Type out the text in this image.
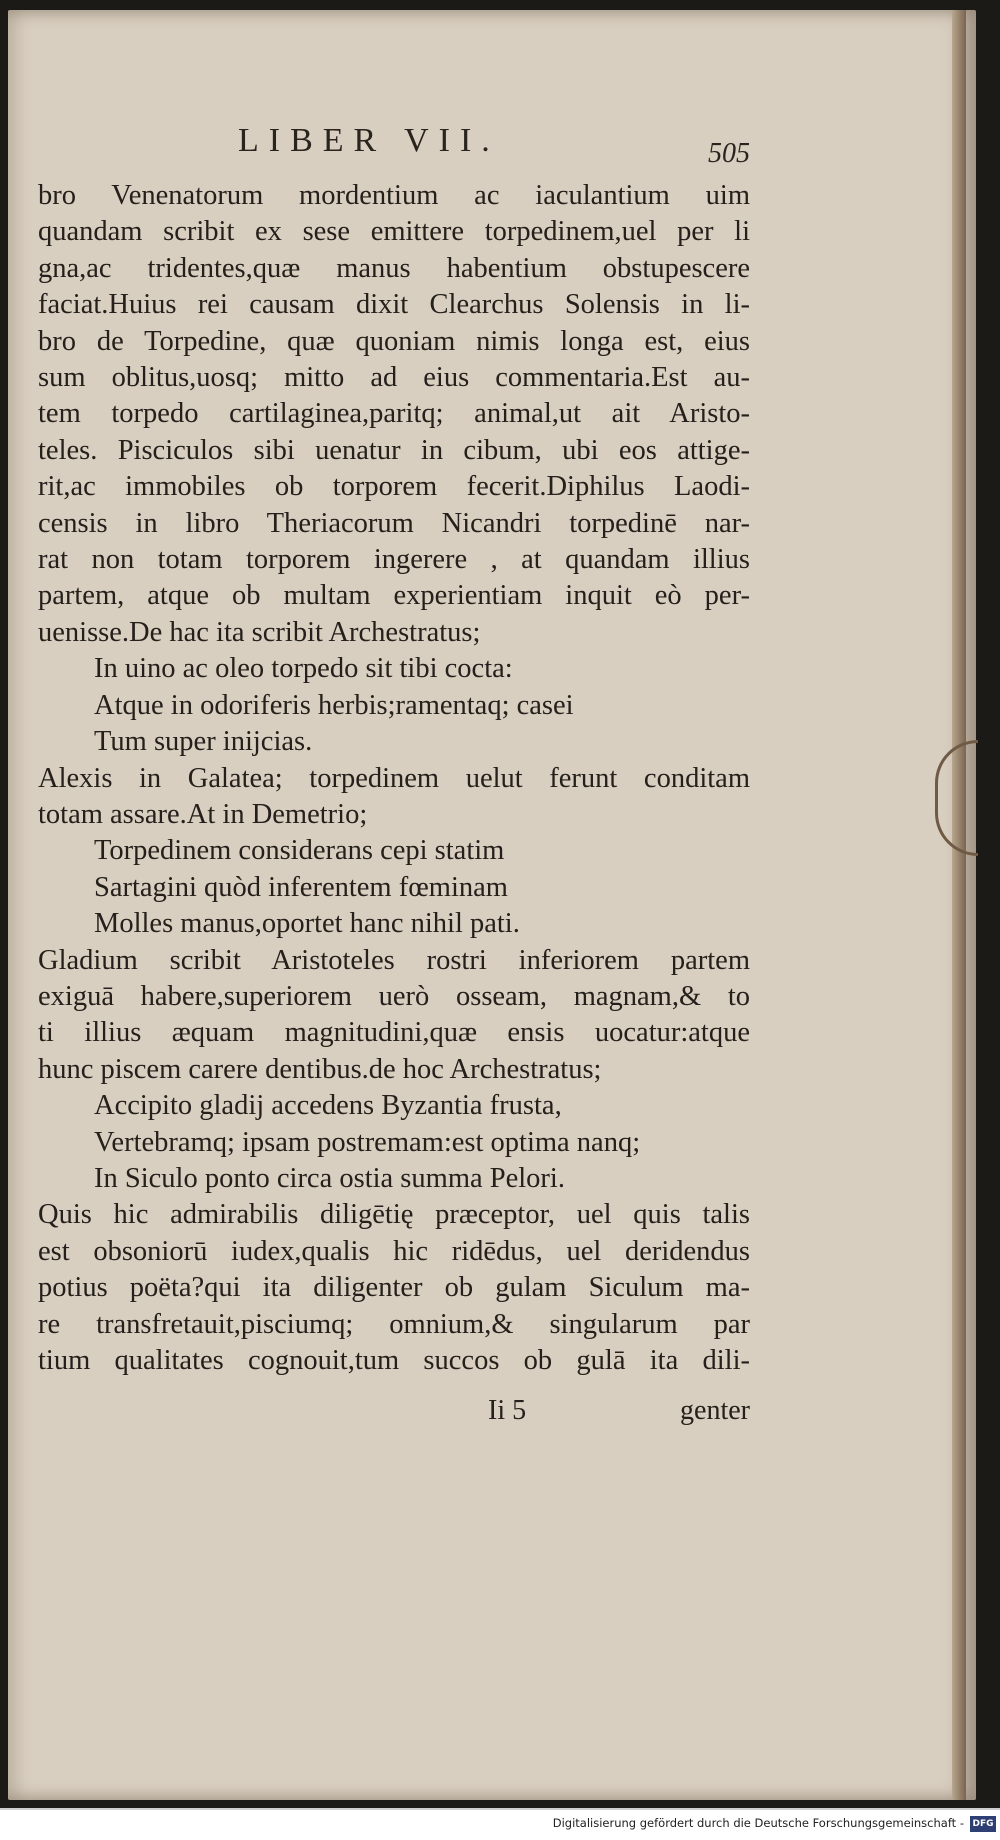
LIBER VII.	505
bro Venenatorum mordentium ac iaculantium uim
quandam scribit ex sese emittere torpedinem,uel per li
gna,ac tridentes,quæ manus habentium obstupescere
faciat.Huius rei causam dixit Clearchus Solensis in li-
bro de Torpedine, quæ quoniam nimis longa est, eius
sum oblitus,uosq; mitto ad eius commentaria.Est au-
tem torpedo cartilaginea,paritq; animal,ut ait Aristo-
teles. Pisciculos sibi uenatur in cibum, ubi eos attige-
rit,ac immobiles ob torporem fecerit.Diphilus Laodi-
censis in libro Theriacorum Nicandri torpedinē nar-
rat non totam torporem ingerere , at quandam illius
partem, atque ob multam experientiam inquit eò per-
uenisse.De hac ita scribit Archestratus;
In uino ac oleo torpedo sit tibi cocta:
Atque in odoriferis herbis;ramentaq; casei
Tum super inijcias.
Alexis in Galatea; torpedinem uelut ferunt conditam
totam assare.At in Demetrio;
Torpedinem considerans cepi statim
Sartagini quòd inferentem fœminam
Molles manus,oportet hanc nihil pati.
Gladium scribit Aristoteles rostri inferiorem partem
exiguā habere,superiorem uerò osseam, magnam,& to
ti illius æquam magnitudini,quæ ensis uocatur:atque
hunc piscem carere dentibus.de hoc Archestratus;
Accipito gladij accedens Byzantia frusta,
Vertebramq; ipsam postremam:est optima nanq;
In Siculo ponto circa ostia summa Pelori.
Quis hic admirabilis diligētię præceptor, uel quis talis
est obsoniorū iudex,qualis hic ridēdus, uel deridendus
potius poëta?qui ita diligenter ob gulam Siculum ma-
re transfretauit,pisciumq; omnium,& singularum par
tium qualitates cognouit,tum succos ob gulā ita dili-
Ii 5	genter
Digitalisierung gefördert durch die Deutsche Forschungsgemeinschaft - DFG
